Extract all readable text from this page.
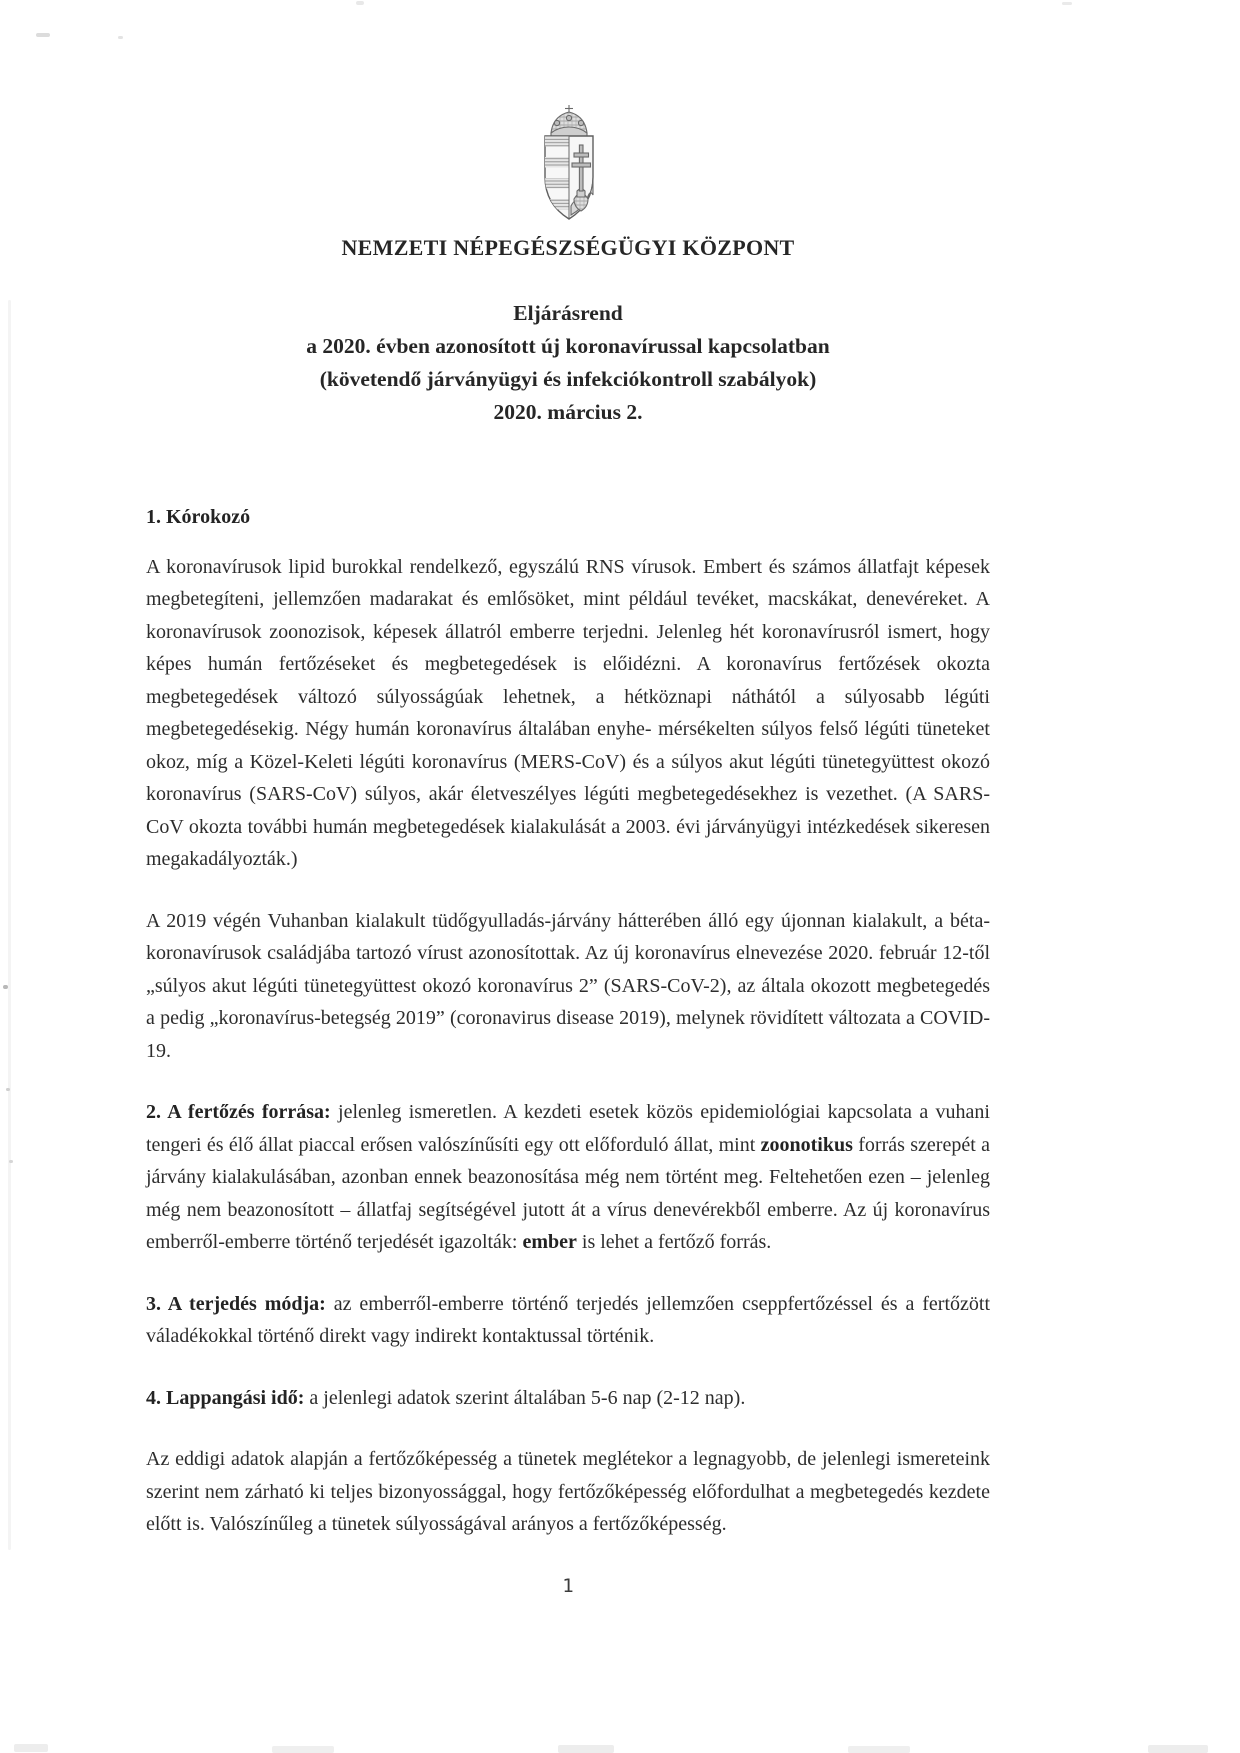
NEMZETI NÉPEGÉSZSÉGÜGYI KÖZPONT

Eljárásrend

a 2020. évben azonosított új koronavírussal kapcsolatban

(követendő járványügyi és infekciókontroll szabályok)

2020. március 2.

1. Kórokozó

A koronavírusok lipid burokkal rendelkező, egyszálú RNS vírusok. Embert és számos állatfajt képesek megbetegíteni, jellemzően madarakat és emlősöket, mint például tevéket, macskákat, denevéreket. A koronavírusok zoonozisok, képesek állatról emberre terjedni. Jelenleg hét koronavírusról ismert, hogy képes humán fertőzéseket és megbetegedések is előidézni. A koronavírus fertőzések okozta megbetegedések változó súlyosságúak lehetnek, a hétköznapi náthától a súlyosabb légúti megbetegedésekig. Négy humán koronavírus általában enyhe- mérsékelten súlyos felső légúti tüneteket okoz, míg a Közel-Keleti légúti koronavírus (MERS-CoV) és a súlyos akut légúti tünetegyüttest okozó koronavírus (SARS-CoV) súlyos, akár életveszélyes légúti megbetegedésekhez is vezethet. (A SARS-CoV okozta további humán megbetegedések kialakulását a 2003. évi járványügyi intézkedések sikeresen megakadályozták.)

A 2019 végén Vuhanban kialakult tüdőgyulladás-járvány hátterében álló egy újonnan kialakult, a béta-koronavírusok családjába tartozó vírust azonosítottak. Az új koronavírus elnevezése 2020. február 12-től „súlyos akut légúti tünetegyüttest okozó koronavírus 2” (SARS-CoV-2), az általa okozott megbetegedés a pedig „koronavírus-betegség 2019” (coronavirus disease 2019), melynek rövidített változata a COVID-19.

2. A fertőzés forrása: jelenleg ismeretlen. A kezdeti esetek közös epidemiológiai kapcsolata a vuhani tengeri és élő állat piaccal erősen valószínűsíti egy ott előforduló állat, mint zoonotikus forrás szerepét a járvány kialakulásában, azonban ennek beazonosítása még nem történt meg. Feltehetően ezen – jelenleg még nem beazonosított – állatfaj segítségével jutott át a vírus denevérekből emberre. Az új koronavírus emberről-emberre történő terjedését igazolták: ember is lehet a fertőző forrás.

3. A terjedés módja: az emberről-emberre történő terjedés jellemzően cseppfertőzéssel és a fertőzött váladékokkal történő direkt vagy indirekt kontaktussal történik.

4. Lappangási idő: a jelenlegi adatok szerint általában 5-6 nap (2-12 nap).

Az eddigi adatok alapján a fertőzőképesség a tünetek meglétekor a legnagyobb, de jelenlegi ismereteink szerint nem zárható ki teljes bizonyossággal, hogy fertőzőképesség előfordulhat a megbetegedés kezdete előtt is. Valószínűleg a tünetek súlyosságával arányos a fertőzőképesség.

1
